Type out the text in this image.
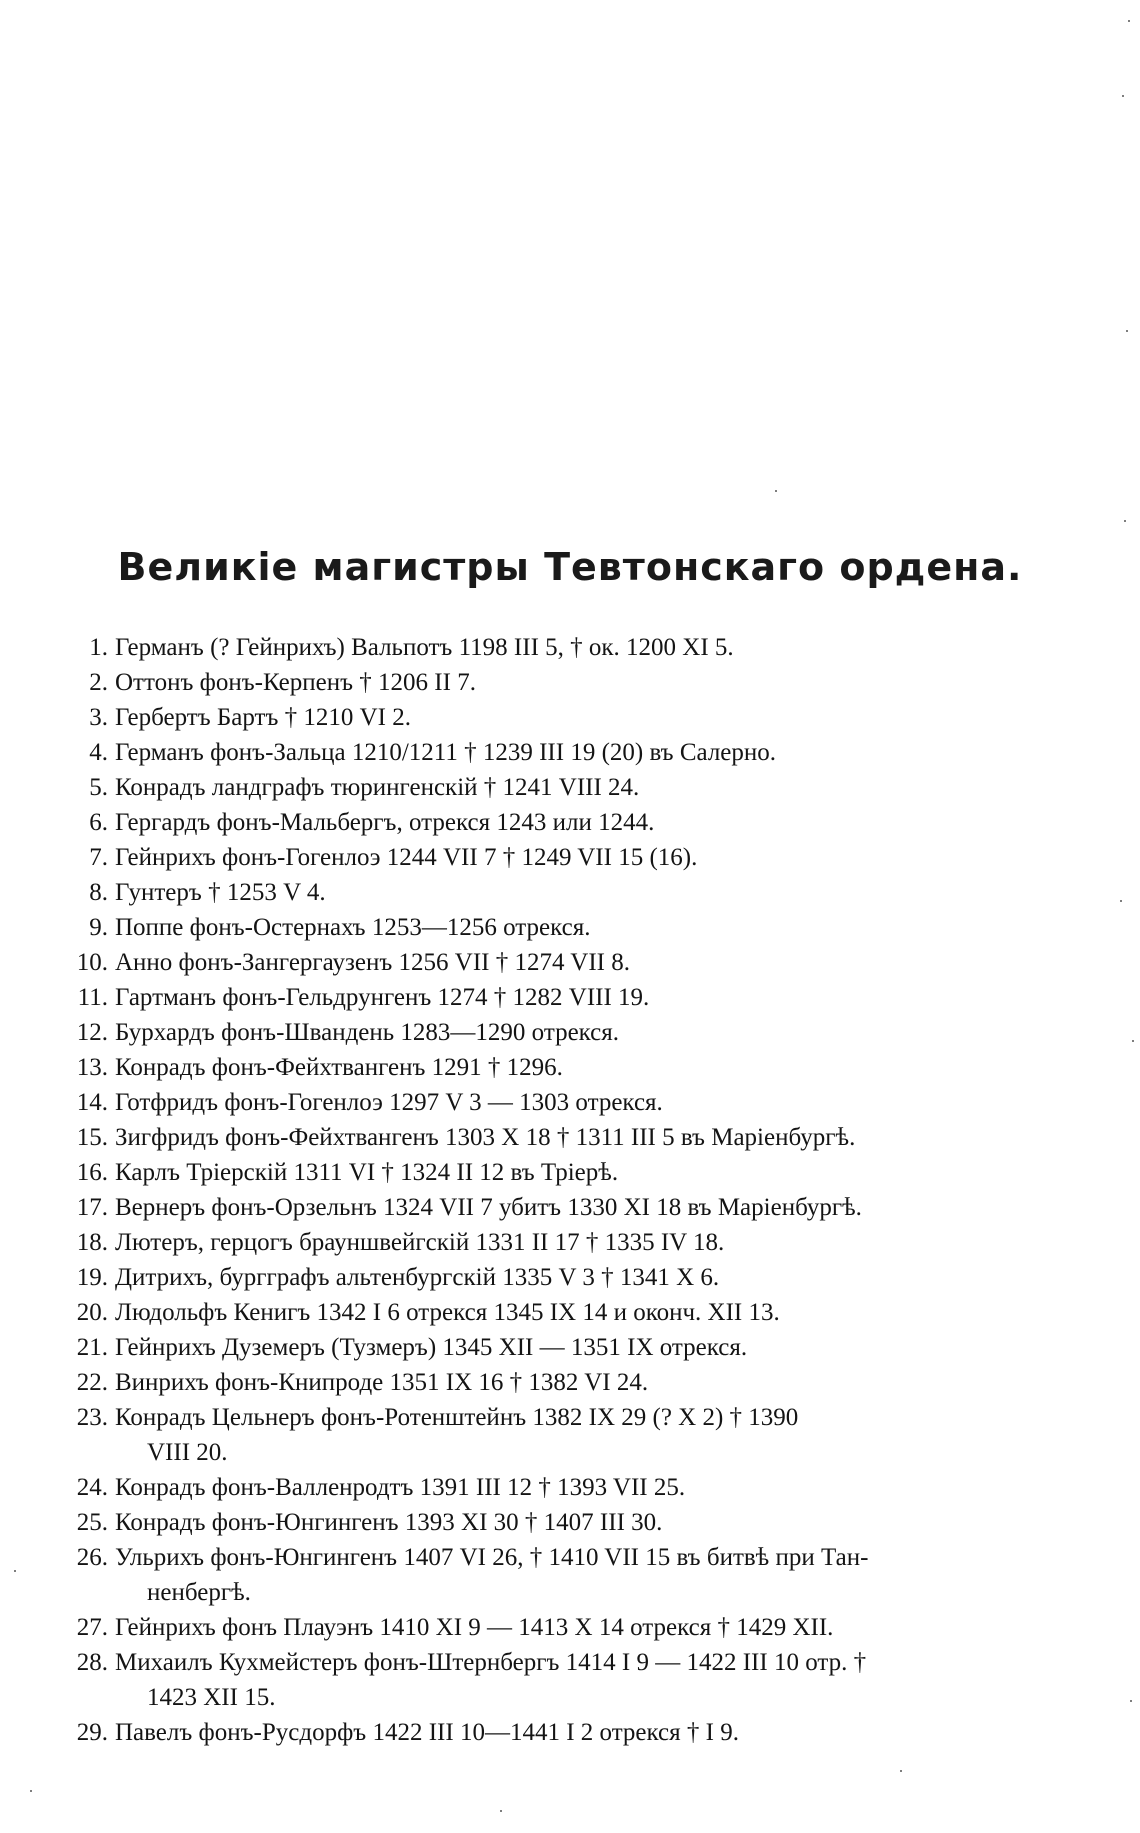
Великіе магистры Тевтонскаго ордена.
1. Германъ (? Гейнрихъ) Вальпотъ 1198 III 5, † ок. 1200 XI 5.
2. Оттонъ фонъ-Керпенъ † 1206 II 7.
3. Гербертъ Бартъ † 1210 VI 2.
4. Германъ фонъ-Зальца 1210/1211 † 1239 III 19 (20) въ Салерно.
5. Конрадъ ландграфъ тюрингенскій † 1241 VIII 24.
6. Гергардъ фонъ-Мальбергъ, отрекся 1243 или 1244.
7. Гейнрихъ фонъ-Гогенлоэ 1244 VII 7 † 1249 VII 15 (16).
8. Гунтеръ † 1253 V 4.
9. Поппе фонъ-Остернахъ 1253—1256 отрекся.
10. Анно фонъ-Зангергаузенъ 1256 VII † 1274 VII 8.
11. Гартманъ фонъ-Гельдрунгенъ 1274 † 1282 VIII 19.
12. Бурхардъ фонъ-Швандень 1283—1290 отрекся.
13. Конрадъ фонъ-Фейхтвангенъ 1291 † 1296.
14. Готфридъ фонъ-Гогенлоэ 1297 V 3 — 1303 отрекся.
15. Зигфридъ фонъ-Фейхтвангенъ 1303 X 18 † 1311 III 5 въ Маріенбургѣ.
16. Карлъ Тріерскій 1311 VI † 1324 II 12 въ Тріерѣ.
17. Вернеръ фонъ-Орзельнъ 1324 VII 7 убитъ 1330 XI 18 въ Маріенбургѣ.
18. Лютеръ, герцогъ брауншвейгскій 1331 II 17 † 1335 IV 18.
19. Дитрихъ, бургграфъ альтенбургскій 1335 V 3 † 1341 X 6.
20. Людольфъ Кенигъ 1342 I 6 отрекся 1345 IX 14 и оконч. XII 13.
21. Гейнрихъ Дуземеръ (Тузмеръ) 1345 XII — 1351 IX отрекся.
22. Винрихъ фонъ-Книпроде 1351 IX 16 † 1382 VI 24.
23. Конрадъ Цельнеръ фонъ-Ротенштейнъ 1382 IX 29 (? X 2) † 1390
VIII 20.
24. Конрадъ фонъ-Валленродтъ 1391 III 12 † 1393 VII 25.
25. Конрадъ фонъ-Юнгингенъ 1393 XI 30 † 1407 III 30.
26. Ульрихъ фонъ-Юнгингенъ 1407 VI 26, † 1410 VII 15 въ битвѣ при Тан-
ненбергѣ.
27. Гейнрихъ фонъ Плауэнъ 1410 XI 9 — 1413 X 14 отрекся † 1429 XII.
28. Михаилъ Кухмейстеръ фонъ-Штернбергъ 1414 I 9 — 1422 III 10 отр. †
1423 XII 15.
29. Павелъ фонъ-Русдорфъ 1422 III 10—1441 I 2 отрекся † I 9.
